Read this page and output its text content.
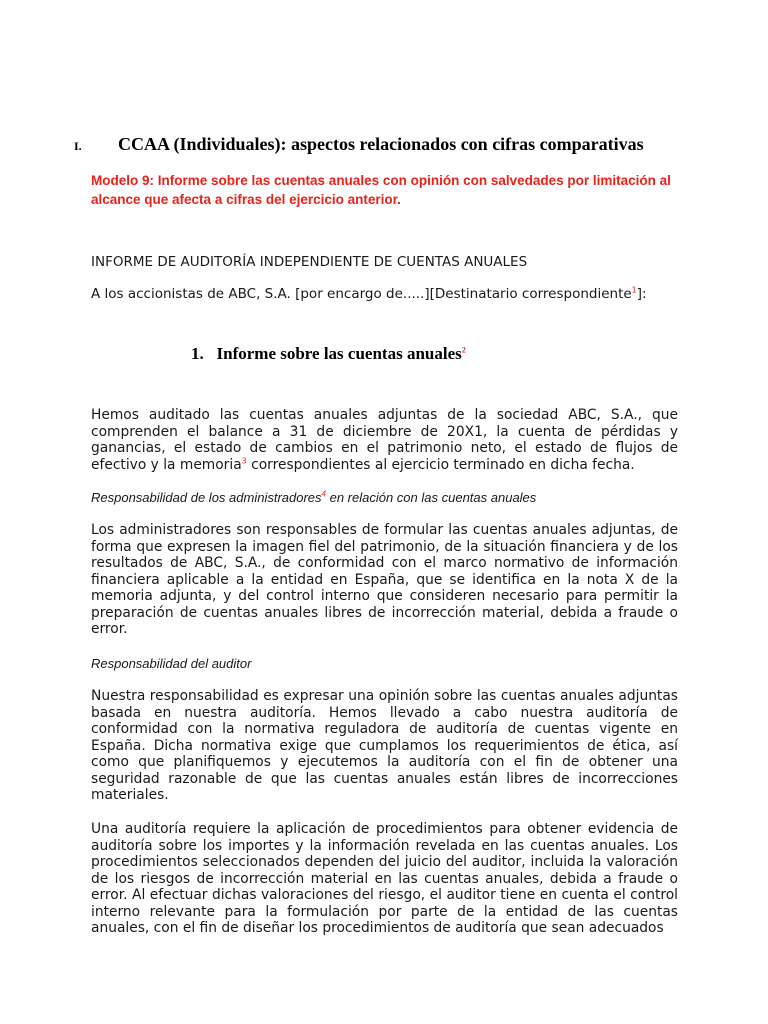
I. CCAA (Individuales): aspectos relacionados con cifras comparativas
Modelo 9: Informe sobre las cuentas anuales con opinión con salvedades por limitación al alcance que afecta a cifras del ejercicio anterior.
INFORME DE AUDITORÍA INDEPENDIENTE DE CUENTAS ANUALES
A los accionistas de ABC, S.A. [por encargo de.....][Destinatario correspondiente$^1$]:
1.   Informe sobre las cuentas anuales$^2$
Hemos auditado las cuentas anuales adjuntas de la sociedad ABC, S.A., que comprenden el balance a 31 de diciembre de 20X1, la cuenta de pérdidas y ganancias, el estado de cambios en el patrimonio neto, el estado de flujos de efectivo y la memoria$^3$ correspondientes al ejercicio terminado en dicha fecha.
Responsabilidad de los administradores$^4$ en relación con las cuentas anuales
Los administradores son responsables de formular las cuentas anuales adjuntas, de forma que expresen la imagen fiel del patrimonio, de la situación financiera y de los resultados de ABC, S.A., de conformidad con el marco normativo de información financiera aplicable a la entidad en España, que se identifica en la nota X de la memoria adjunta, y del control interno que consideren necesario para permitir la preparación de cuentas anuales libres de incorrección material, debida a fraude o error.
Responsabilidad del auditor
Nuestra responsabilidad es expresar una opinión sobre las cuentas anuales adjuntas basada en nuestra auditoría. Hemos llevado a cabo nuestra auditoría de conformidad con la normativa reguladora de auditoría de cuentas vigente en España. Dicha normativa exige que cumplamos los requerimientos de ética, así como que planifiquemos y ejecutemos la auditoría con el fin de obtener una seguridad razonable de que las cuentas anuales están libres de incorrecciones materiales.
Una auditoría requiere la aplicación de procedimientos para obtener evidencia de auditoría sobre los importes y la información revelada en las cuentas anuales. Los procedimientos seleccionados dependen del juicio del auditor, incluida la valoración de los riesgos de incorrección material en las cuentas anuales, debida a fraude o error. Al efectuar dichas valoraciones del riesgo, el auditor tiene en cuenta el control interno relevante para la formulación por parte de la entidad de las cuentas anuales, con el fin de diseñar los procedimientos de auditoría que sean adecuados
